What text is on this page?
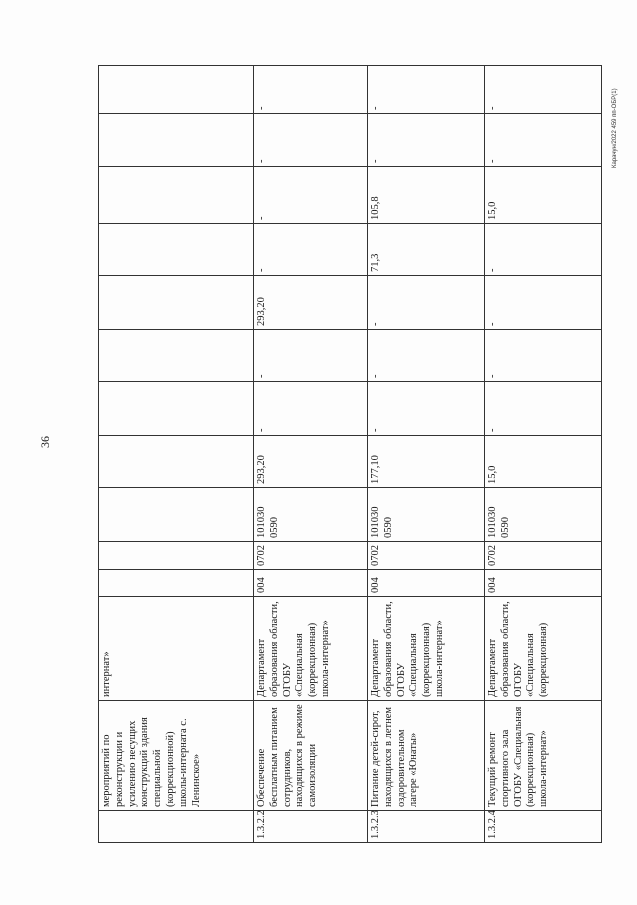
36
Карачун/2022 459 пп-ОБР(1)
	мероприятий по реконструкции и усилению несущих конструкций здания специальной (коррекционной) школы-интерната с. Ленинское»	интернат»												
1.3.2.2	Обеспечение бесплатным питанием сотрудников, находящихся в режиме самоизоляции	Департамент образования области, ОГОБУ «Специальная (коррекционная) школа-интернат»	004	0702	101030 0590		293,20	-	-	293,20	-	-	-	-
1.3.2.3	Питание детей-сирот, находящихся в летнем оздоровительном лагере «Юнаты»	Департамент образования области, ОГОБУ «Специальная (коррекционная) школа-интернат»	004	0702	101030 0590		177,10	-	-	-	71,3	105,8	-	-
1.3.2.4	Текущий ремонт спортивного зала ОГОБУ «Специальная (коррекционная) школа-интернат»	Департамент образования области, ОГОБУ «Специальная (коррекционная)	004	0702	101030 0590		15,0	-	-	-	-	15,0	-	-
